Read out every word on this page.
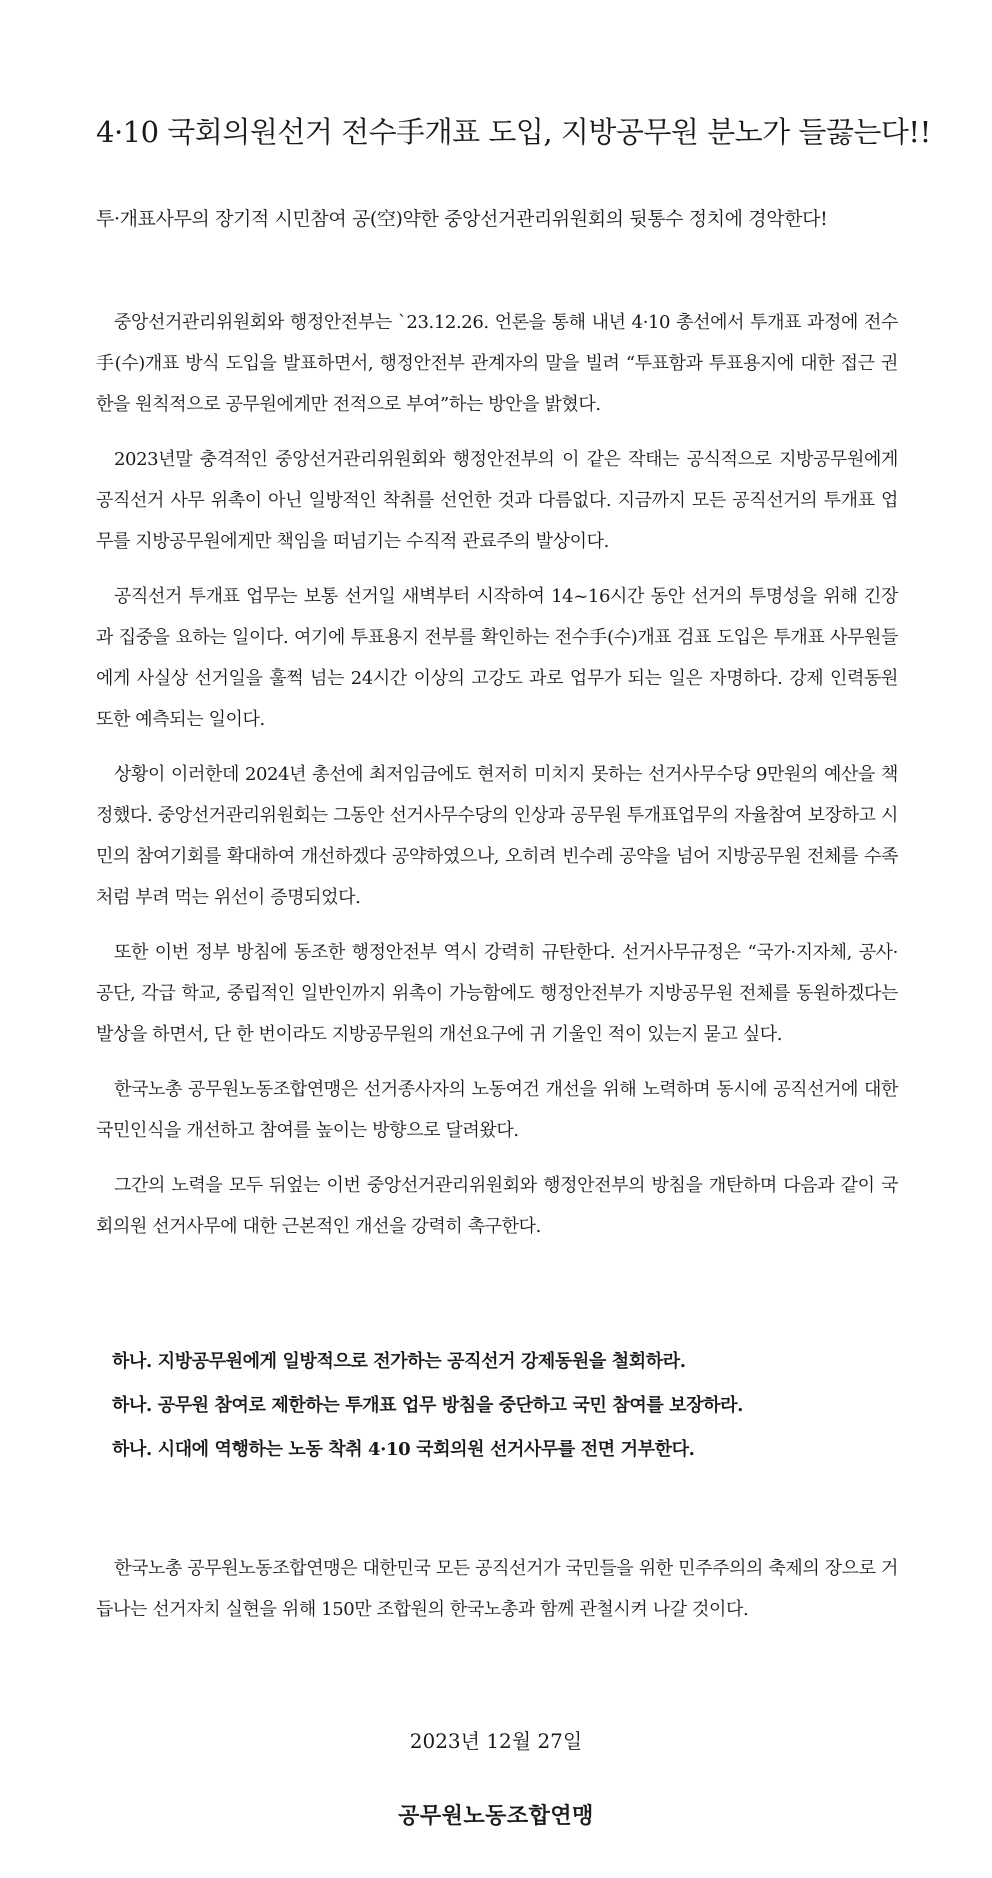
4·10 국회의원선거 전수手개표 도입, 지방공무원 분노가 들끓는다!!
투·개표사무의 장기적 시민참여 공(空)약한 중앙선거관리위원회의 뒷통수 정치에 경악한다!

중앙선거관리위원회와 행정안전부는 `23.12.26. 언론을 통해 내년 4·10 총선에서 투개표 과정에 전수手(수)개표 방식 도입을 발표하면서, 행정안전부 관계자의 말을 빌려 “투표함과 투표용지에 대한 접근 권한을 원칙적으로 공무원에게만 전적으로 부여”하는 방안을 밝혔다.

2023년말 충격적인 중앙선거관리위원회와 행정안전부의 이 같은 작태는 공식적으로 지방공무원에게 공직선거 사무 위촉이 아닌 일방적인 착취를 선언한 것과 다름없다. 지금까지 모든 공직선거의 투개표 업무를 지방공무원에게만 책임을 떠넘기는 수직적 관료주의 발상이다.

공직선거 투개표 업무는 보통 선거일 새벽부터 시작하여 14~16시간 동안 선거의 투명성을 위해 긴장과 집중을 요하는 일이다. 여기에 투표용지 전부를 확인하는 전수手(수)개표 검표 도입은 투개표 사무원들에게 사실상 선거일을 훌쩍 넘는 24시간 이상의 고강도 과로 업무가 되는 일은 자명하다. 강제 인력동원 또한 예측되는 일이다.

상황이 이러한데 2024년 총선에 최저임금에도 현저히 미치지 못하는 선거사무수당 9만원의 예산을 책정했다. 중앙선거관리위원회는 그동안 선거사무수당의 인상과 공무원 투개표업무의 자율참여 보장하고 시민의 참여기회를 확대하여 개선하겠다 공약하였으나, 오히려 빈수레 공약을 넘어 지방공무원 전체를 수족처럼 부려 먹는 위선이 증명되었다.

또한 이번 정부 방침에 동조한 행정안전부 역시 강력히 규탄한다. 선거사무규정은 “국가·지자체, 공사·공단, 각급 학교, 중립적인 일반인까지 위촉이 가능함에도 행정안전부가 지방공무원 전체를 동원하겠다는 발상을 하면서, 단 한 번이라도 지방공무원의 개선요구에 귀 기울인 적이 있는지 묻고 싶다.

한국노총 공무원노동조합연맹은 선거종사자의 노동여건 개선을 위해 노력하며 동시에 공직선거에 대한 국민인식을 개선하고 참여를 높이는 방향으로 달려왔다.

그간의 노력을 모두 뒤엎는 이번 중앙선거관리위원회와 행정안전부의 방침을 개탄하며 다음과 같이 국회의원 선거사무에 대한 근본적인 개선을 강력히 촉구한다.

하나. 지방공무원에게 일방적으로 전가하는 공직선거 강제동원을 철회하라.
하나. 공무원 참여로 제한하는 투개표 업무 방침을 중단하고 국민 참여를 보장하라.
하나. 시대에 역행하는 노동 착취 4·10 국회의원 선거사무를 전면 거부한다.

한국노총 공무원노동조합연맹은 대한민국 모든 공직선거가 국민들을 위한 민주주의의 축제의 장으로 거듭나는 선거자치 실현을 위해 150만 조합원의 한국노총과 함께 관철시켜 나갈 것이다.

2023년 12월 27일
공무원노동조합연맹
